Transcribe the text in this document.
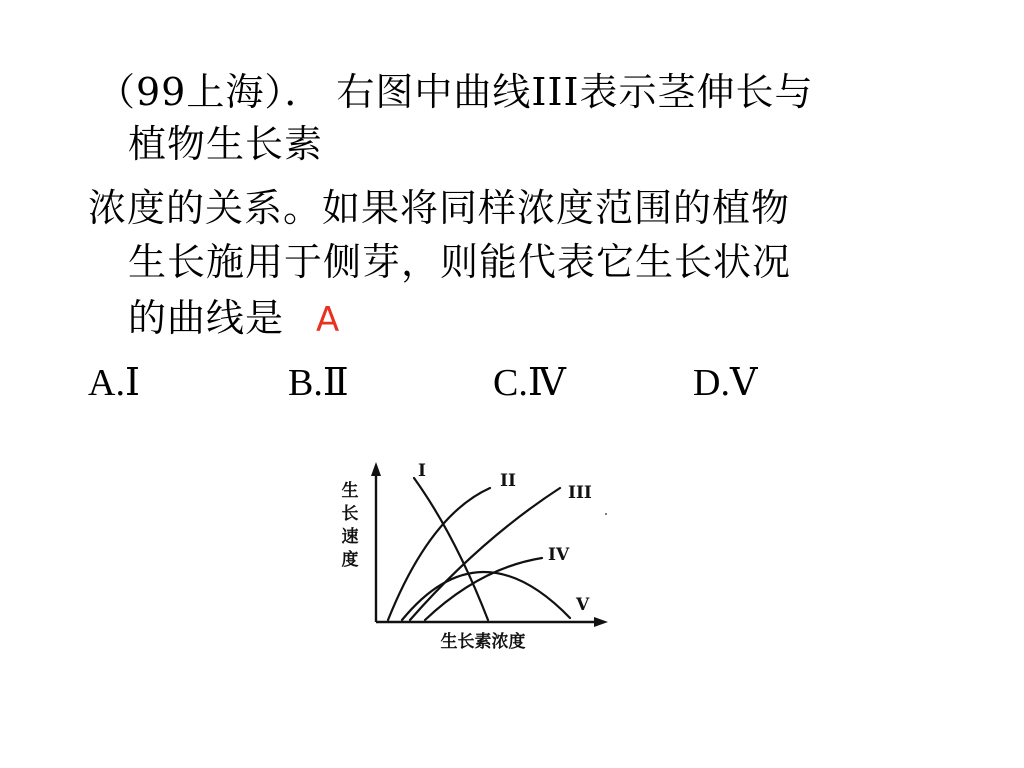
（99上海）． 右图中曲线III表示茎伸长与
植物生长素
浓度的关系。如果将同样浓度范围的植物
生长施用于侧芽，则能代表它生长状况
的曲线是 A
A.Ⅰ	B.Ⅱ	C.Ⅳ	D.Ⅴ
生
长
速
度
生长素浓度
I	II
III
IV
V
